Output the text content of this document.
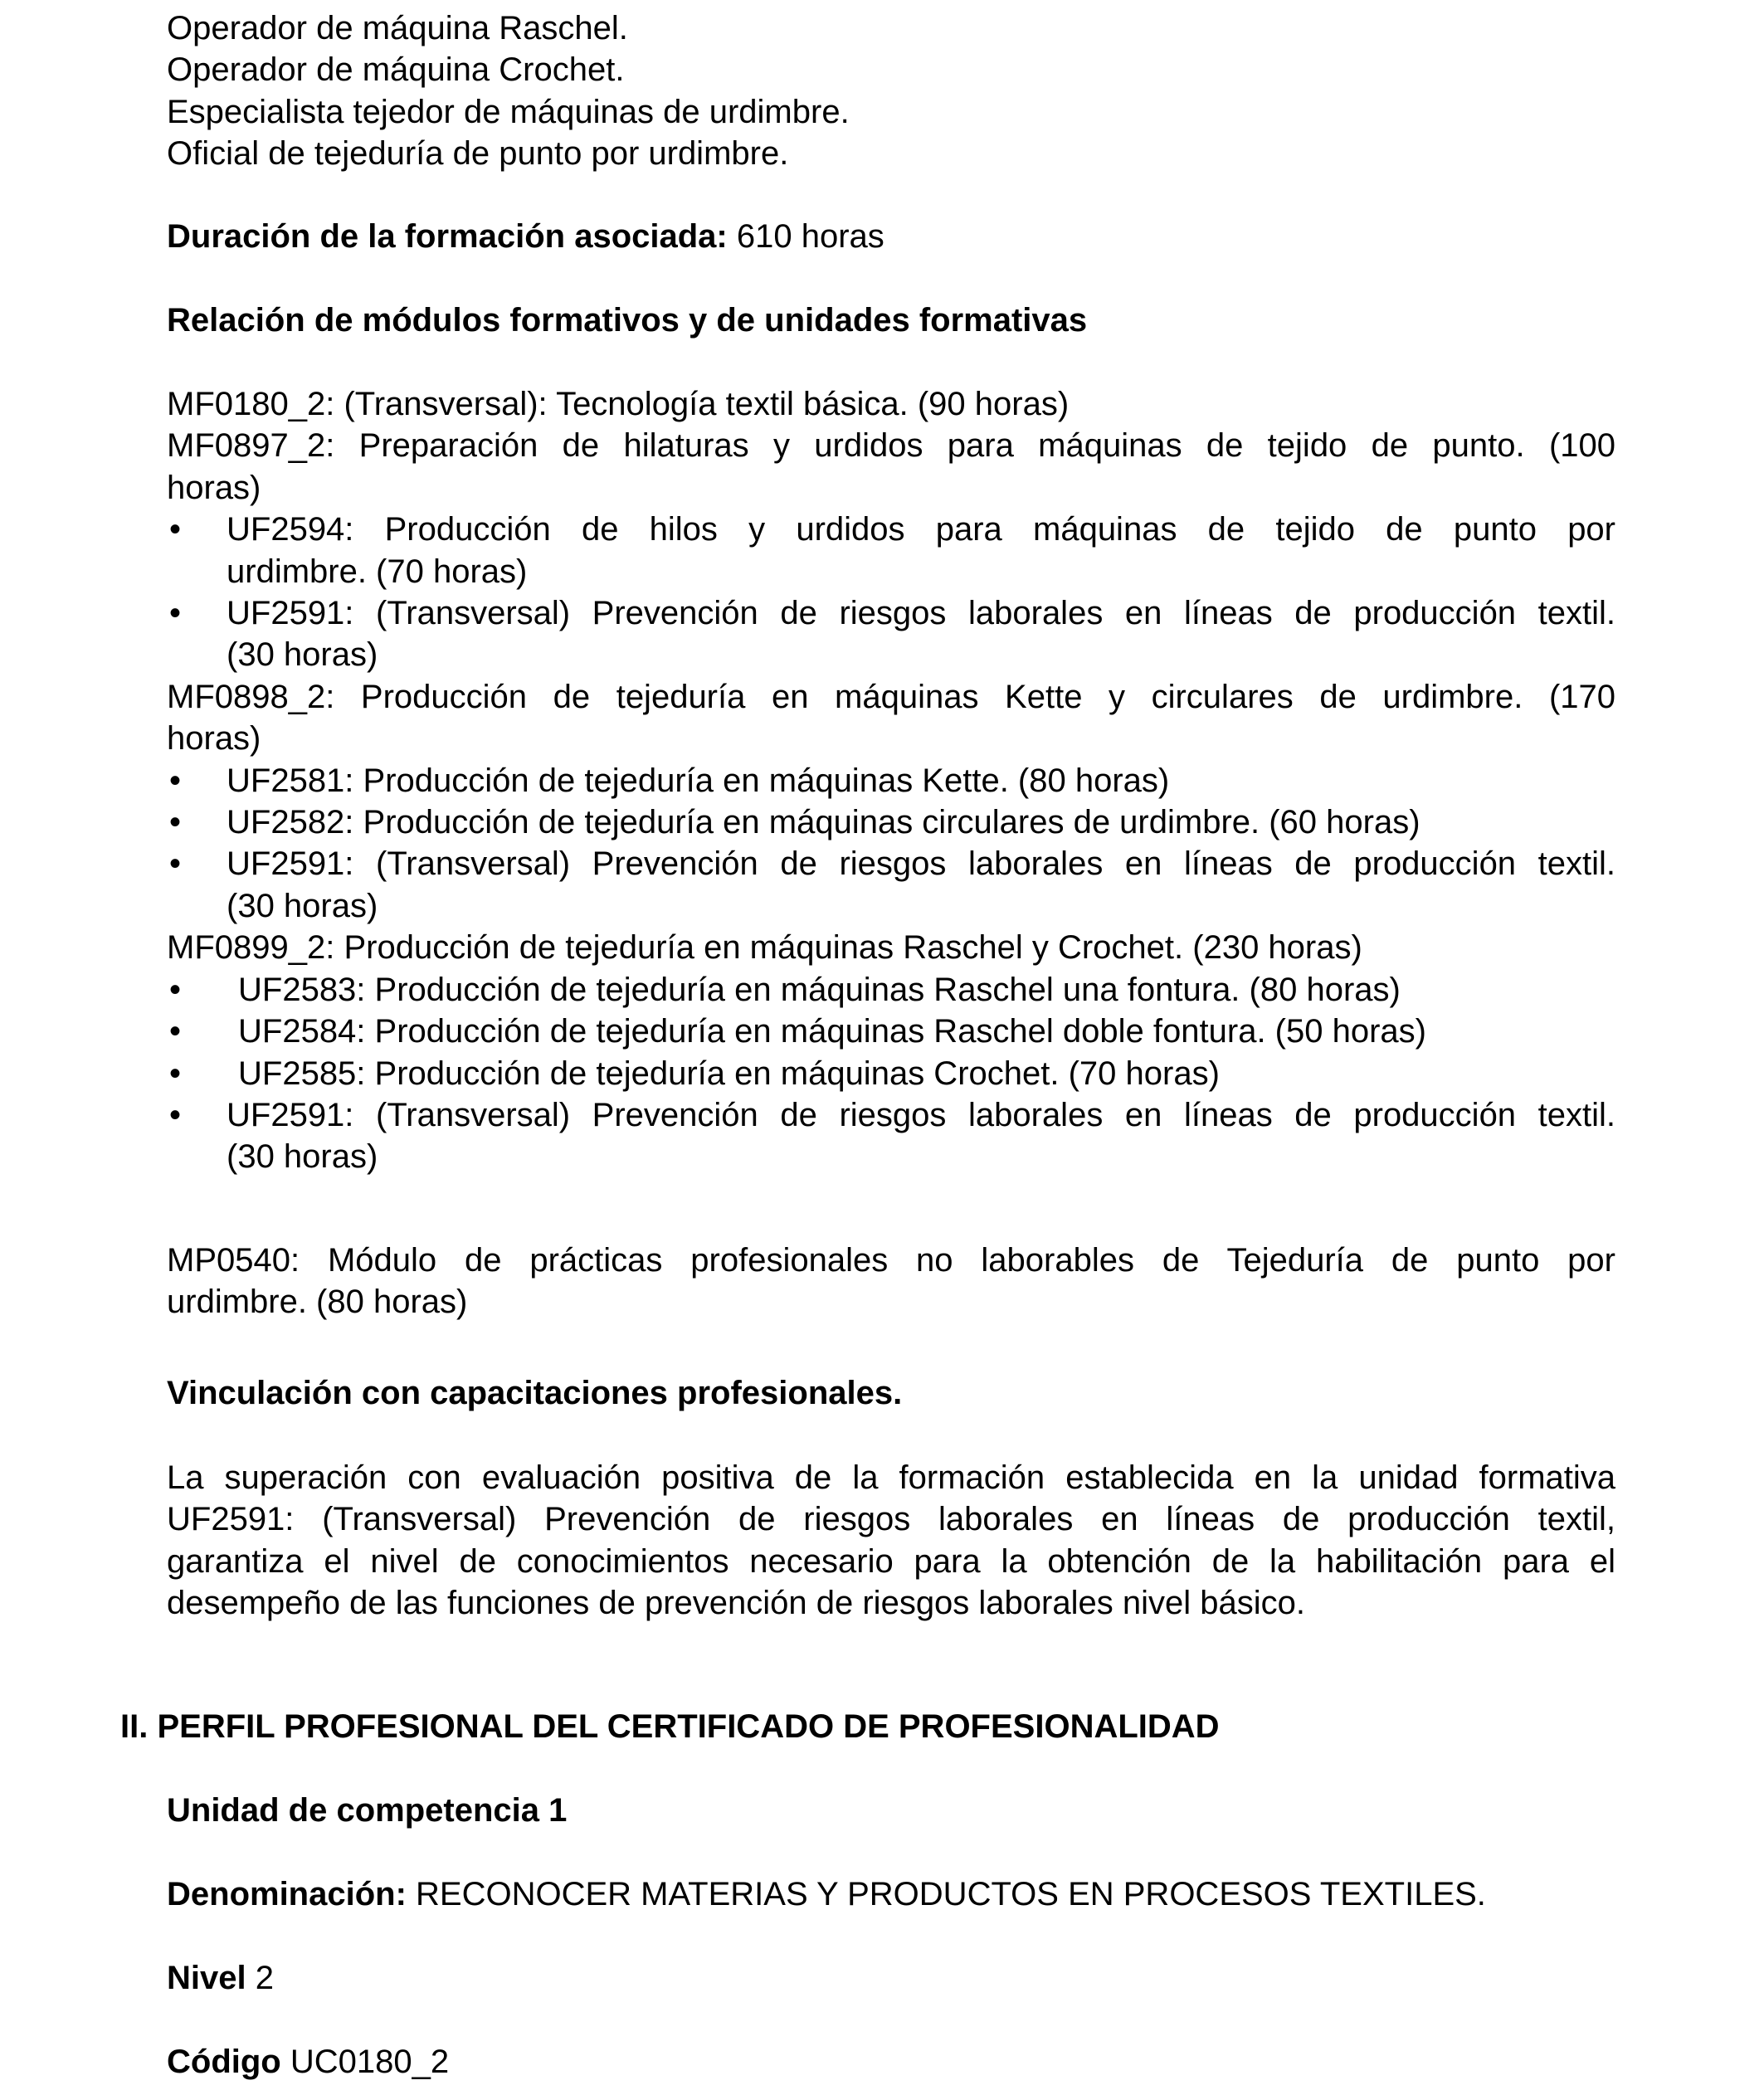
Operador de máquina Raschel.

Operador de máquina Crochet.

Especialista tejedor de máquinas de urdimbre.

Oficial de tejeduría de punto por urdimbre.

Duración de la formación asociada: 610 horas

Relación de módulos formativos y de unidades formativas

MF0180_2: (Transversal): Tecnología textil básica. (90 horas)

MF0897_2: Preparación de hilaturas y urdidos para máquinas de tejido de punto. (100

horas)

• UF2594: Producción de hilos y urdidos para máquinas de tejido de punto por

urdimbre. (70 horas)

• UF2591: (Transversal) Prevención de riesgos laborales en líneas de producción textil.

(30 horas)

MF0898_2: Producción de tejeduría en máquinas Kette y circulares de urdimbre. (170

horas)

• UF2581: Producción de tejeduría en máquinas Kette. (80 horas)

• UF2582: Producción de tejeduría en máquinas circulares de urdimbre. (60 horas)

• UF2591: (Transversal) Prevención de riesgos laborales en líneas de producción textil.

(30 horas)

MF0899_2: Producción de tejeduría en máquinas Raschel y Crochet. (230 horas)

• UF2583: Producción de tejeduría en máquinas Raschel una fontura. (80 horas)

• UF2584: Producción de tejeduría en máquinas Raschel doble fontura. (50 horas)

• UF2585: Producción de tejeduría en máquinas Crochet. (70 horas)

• UF2591: (Transversal) Prevención de riesgos laborales en líneas de producción textil.

(30 horas)

MP0540: Módulo de prácticas profesionales no laborables de Tejeduría de punto por

urdimbre. (80 horas)

Vinculación con capacitaciones profesionales.

La superación con evaluación positiva de la formación establecida en la unidad formativa

UF2591: (Transversal) Prevención de riesgos laborales en líneas de producción textil,

garantiza el nivel de conocimientos necesario para la obtención de la habilitación para el

desempeño de las funciones de prevención de riesgos laborales nivel básico.

II. PERFIL PROFESIONAL DEL CERTIFICADO DE PROFESIONALIDAD

Unidad de competencia 1

Denominación: RECONOCER MATERIAS Y PRODUCTOS EN PROCESOS TEXTILES.

Nivel 2

Código UC0180_2
